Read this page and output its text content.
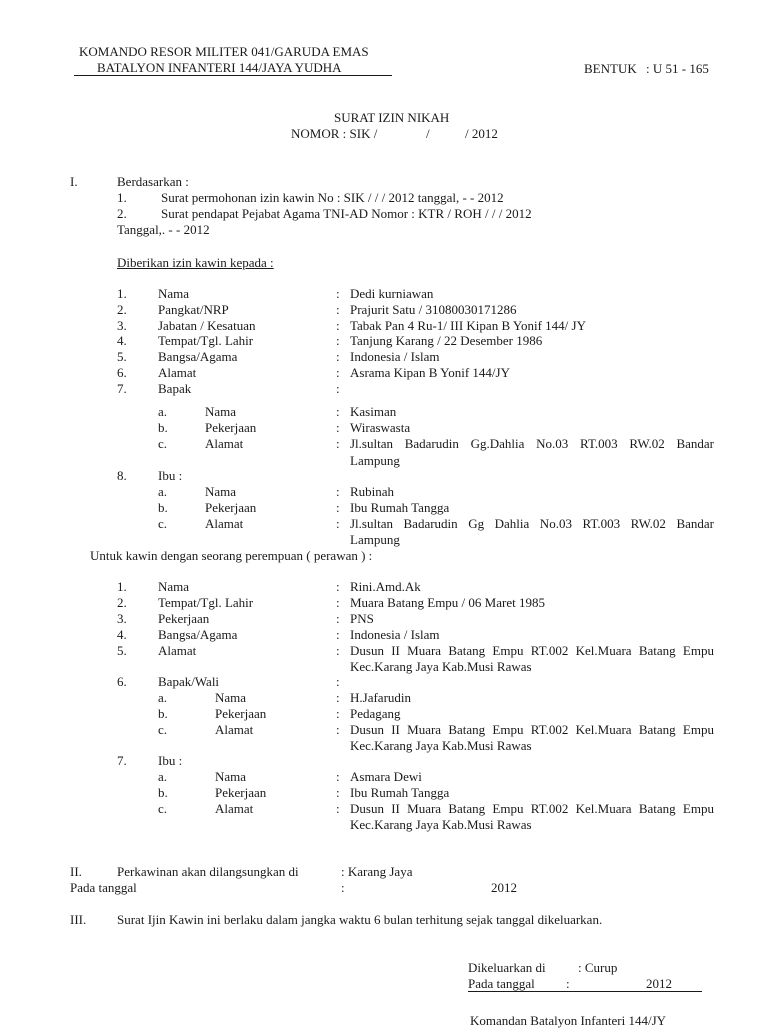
KOMANDO RESOR MILITER 041/GARUDA EMAS
BATALYON INFANTERI 144/JAYA YUDHA	BENTUK : U 51 - 165
SURAT IZIN NIKAH
NOMOR : SIK /	/	/ 2012
I.	Berdasarkan :
1.	Surat permohonan izin kawin No : SIK / / / 2012 tanggal, - - 2012
2.	Surat pendapat Pejabat Agama TNI-AD Nomor : KTR / ROH / / / 2012
Tanggal,. - - 2012
Diberikan izin kawin kepada :
1. Nama	: Dedi kurniawan
2. Pangkat/NRP	: Prajurit Satu / 31080030171286
3. Jabatan / Kesatuan	: Tabak Pan 4 Ru-1/ III Kipan B Yonif 144/ JY
4. Tempat/Tgl. Lahir	: Tanjung Karang / 22 Desember 1986
5. Bangsa/Agama	: Indonesia / Islam
6. Alamat	: Asrama Kipan B Yonif 144/JY
7. Bapak	:
a.	Nama	: Kasiman
b.	Pekerjaan	: Wiraswasta
c.	Alamat	: Jl.sultan Badarudin Gg.Dahlia No.03 RT.003 RW.02 Bandar
Lampung
8. Ibu :
a.	Nama	: Rubinah
b.	Pekerjaan	: Ibu Rumah Tangga
c.	Alamat	: Jl.sultan Badarudin Gg Dahlia No.03 RT.003 RW.02 Bandar
Lampung
Untuk kawin dengan seorang perempuan ( perawan ) :
1. Nama	: Rini.Amd.Ak
2. Tempat/Tgl. Lahir	: Muara Batang Empu / 06 Maret 1985
3. Pekerjaan	: PNS
4. Bangsa/Agama	: Indonesia / Islam
5. Alamat	: Dusun II Muara Batang Empu RT.002 Kel.Muara Batang Empu
Kec.Karang Jaya Kab.Musi Rawas
6. Bapak/Wali	:
a.	Nama	: H.Jafarudin
b.	Pekerjaan	: Pedagang
c.	Alamat	: Dusun II Muara Batang Empu RT.002 Kel.Muara Batang Empu
Kec.Karang Jaya Kab.Musi Rawas
7. Ibu :
a.	Nama	: Asmara Dewi
b.	Pekerjaan	: Ibu Rumah Tangga
c.	Alamat	: Dusun II Muara Batang Empu RT.002 Kel.Muara Batang Empu
Kec.Karang Jaya Kab.Musi Rawas
II.	Perkawinan akan dilangsungkan di	: Karang Jaya
Pada tanggal	:	2012
III. Surat Ijin Kawin ini berlaku dalam jangka waktu 6 bulan terhitung sejak tanggal dikeluarkan.
Dikeluarkan di : Curup
Pada tanggal :	2012
Komandan Batalyon Infanteri 144/JY
